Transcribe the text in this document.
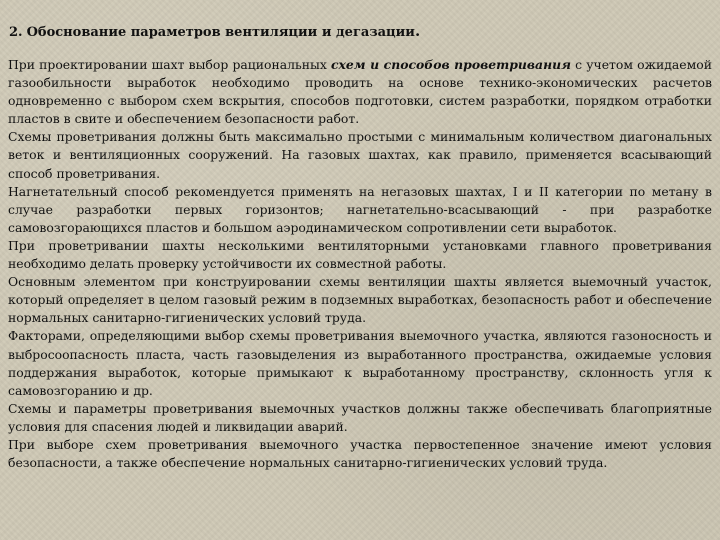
2. Обоснование параметров вентиляции и дегазации.

При проектировании шахт выбор рациональных схем и способов проветривания с учетом ожидаемой газообильности выработок необходимо проводить на основе технико-экономических расчетов одновременно с выбором схем вскрытия, способов подготовки, систем разработки, порядком отработки пластов в свите и обеспечением безопасности работ.

Схемы проветривания должны быть максимально простыми с минимальным количеством диагональных веток и вентиляционных сооружений. На газовых шахтах, как правило, применяется всасывающий способ проветривания.

Нагнетательный способ рекомендуется применять на негазовых шахтах, I и II категории по метану в случае разработки первых горизонтов; нагнетательно-всасывающий - при разработке самовозгорающихся пластов и большом аэродинамическом сопротивлении сети выработок.

При проветривании шахты несколькими вентиляторными установками главного проветривания необходимо делать проверку устойчивости их совместной работы.

Основным элементом при конструировании схемы вентиляции шахты является выемочный участок, который определяет в целом газовый режим в подземных выработках, безопасность работ и обеспечение нормальных санитарно-гигиенических условий труда.

Факторами, определяющими выбор схемы проветривания выемочного участка, являются газоносность и выбросоопасность пласта, часть газовыделения из выработанного пространства, ожидаемые условия поддержания выработок, которые примыкают к выработанному пространству, склонность угля к самовозгоранию и др.

Схемы и параметры проветривания выемочных участков должны также обеспечивать благоприятные условия для спасения людей и ликвидации аварий.

При выборе схем проветривания выемочного участка первостепенное значение имеют условия безопасности, а также обеспечение нормальных санитарно-гигиенических условий труда.
